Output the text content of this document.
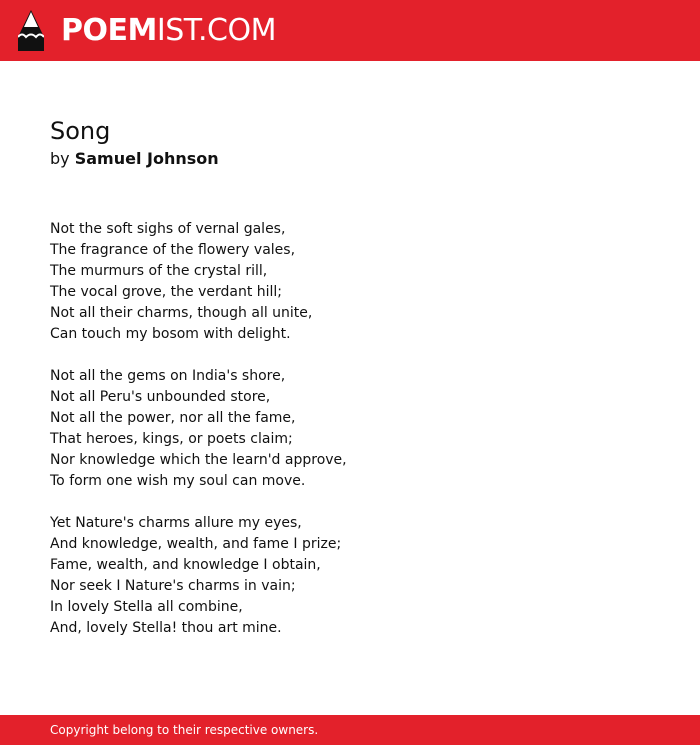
POEMIST.COM
Song
by Samuel Johnson
Not the soft sighs of vernal gales,
The fragrance of the flowery vales,
The murmurs of the crystal rill,
The vocal grove, the verdant hill;
Not all their charms, though all unite,
Can touch my bosom with delight.
Not all the gems on India's shore,
Not all Peru's unbounded store,
Not all the power, nor all the fame,
That heroes, kings, or poets claim;
Nor knowledge which the learn'd approve,
To form one wish my soul can move.
Yet Nature's charms allure my eyes,
And knowledge, wealth, and fame I prize;
Fame, wealth, and knowledge I obtain,
Nor seek I Nature's charms in vain;
In lovely Stella all combine,
And, lovely Stella! thou art mine.
Copyright belong to their respective owners.
